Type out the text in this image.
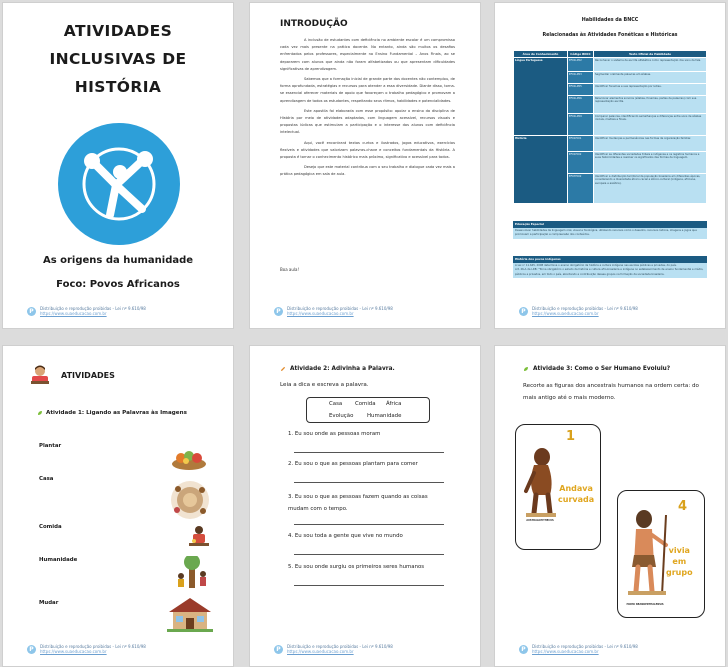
ATIVIDADES
INCLUSIVAS DE
HISTÓRIA
As origens da humanidade
Foco: Povos Africanos
P	Distribuição e reprodução proibidas - Lei nº 9.610/98
https://www.suaeducacao.com.br
INTRODUÇÃO

A inclusão de estudantes com deficiência no ambiente escolar é um compromisso cada vez mais presente na prática docente. No entanto, ainda são muitos os desafios enfrentados pelos professores, especialmente no Ensino Fundamental – Anos Finais, ao se depararem com alunos que ainda não foram alfabetizados ou que apresentam dificuldades significativas de aprendizagem.

Sabemos que a formação inicial de grande parte dos docentes não contemplou, de forma aprofundada, estratégias e recursos para atender a essa diversidade. Diante disso, torna-se essencial oferecer materiais de apoio que favoreçam o trabalho pedagógico e promovam a aprendizagem de todos os estudantes, respeitando seus ritmos, habilidades e potencialidades.

Este apostila foi elaborada com esse propósito: apoiar o ensino da disciplina de História por meio de atividades adaptadas, com linguagem acessível, recursos visuais e propostas lúdicas que estimulam a participação e o interesse dos alunos com deficiência intelectual.

Aqui, você encontrará textos curtos e ilustrados, jogos educativos, exercícios flexíveis e atividades que valorizam palavras-chave e conceitos fundamentais da História. A proposta é tornar o conhecimento histórico mais próximo, significativo e acessível para todos.

Desejo que este material contribua com o seu trabalho e dialogue cada vez mais a prática pedagógica em sala de aula.

Boa aula!
P	Distribuição e reprodução proibidas - Lei nº 9.610/98
https://www.suaeducacao.com.br
Habilidades da BNCC
Relacionadas às Atividades Fonéticas e Históricas
Área de Conhecimento	Código BNCC	Texto Oficial da Habilidade
Língua Portuguesa	EF01LP02	Reconhecer o sistema de escrita alfabética como representação dos sons da fala.
	EF01LP03	Segmentar oralmente palavras em sílabas.
	EF01LP05	Identificar fonemas e sua representação por letras.
	EF01LP06	Relacionar elementos sonoros (sílabas, fonemas, partes de palavras) com sua representação escrita.
	EF01LP09	Comparar palavras, identificando semelhanças e diferenças entre sons de sílabas iniciais, mediais e finais.
História	EF01HI01	Identificar mudanças e permanências nas formas de organização familiar.
	EF01HI02	Identificar as diferentes sociedades tribais e indígenas e os registros humanos e suas historicidades e resolver os significados das formas de linguagem.
	EF07HI02	Identificar a distribuição territorial da população brasileira em diferentes épocas, considerando a diversidade étnico-racial e étnico-cultural (indígena, africana, europeia e asiática).
Educação Especial
Desenvolver habilidades de linguagem oral, visual e fonológica, utilizando recursos como o desenho, recursos lúdicos, imagens e jogos que promovam a participação e compreensão dos conteúdos.
História dos povos indígenas
A Lei nº 11.645, 2008 determina o ensino obrigatório da história e cultura indígena nas escolas públicas e privadas, do país.
Art. 26-A da LDB: "Torna obrigatório o estudo da história e cultura afro-brasileira e indígena no estabelecimento de ensino fundamental e médio, públicos e privados, em todo o país, abordando a contribuição desses grupos na formação da sociedade brasileira.
P	Distribuição e reprodução proibidas - Lei nº 9.610/98
https://www.suaeducacao.com.br
ATIVIDADES
Atividade 1: Ligando as Palavras às Imagens
Plantar
Casa
Comida
Humanidade
Mudar
P	Distribuição e reprodução proibidas - Lei nº 9.610/98
https://www.suaeducacao.com.br
Atividade 2: Adivinha a Palavra.
Leia a dica e escreva a palavra.
Casa Comida África
Evolução	Humanidade
1. Eu sou onde as pessoas moram
2. Eu sou o que as pessoas plantam para comer
3. Eu sou o que as pessoas fazem quando as coisas mudam com o tempo.
4. Eu sou toda a gente que vive no mundo
5. Eu sou onde surgiu os primeiros seres humanos
P	Distribuição e reprodução proibidas - Lei nº 9.610/98
https://www.suaeducacao.com.br
Atividade 3: Como o Ser Humano Evoluiu?
Recorte as figuras dos ancestrais humanos na ordem certa: do mais antigo até o mais moderno.
1
Andava
curvada
AUSTRALOPITHECUS
4
vivia
em
grupo
HOMO NEANDERTHALENSIS
P	Distribuição e reprodução proibidas - Lei nº 9.610/98
https://www.suaeducacao.com.br
